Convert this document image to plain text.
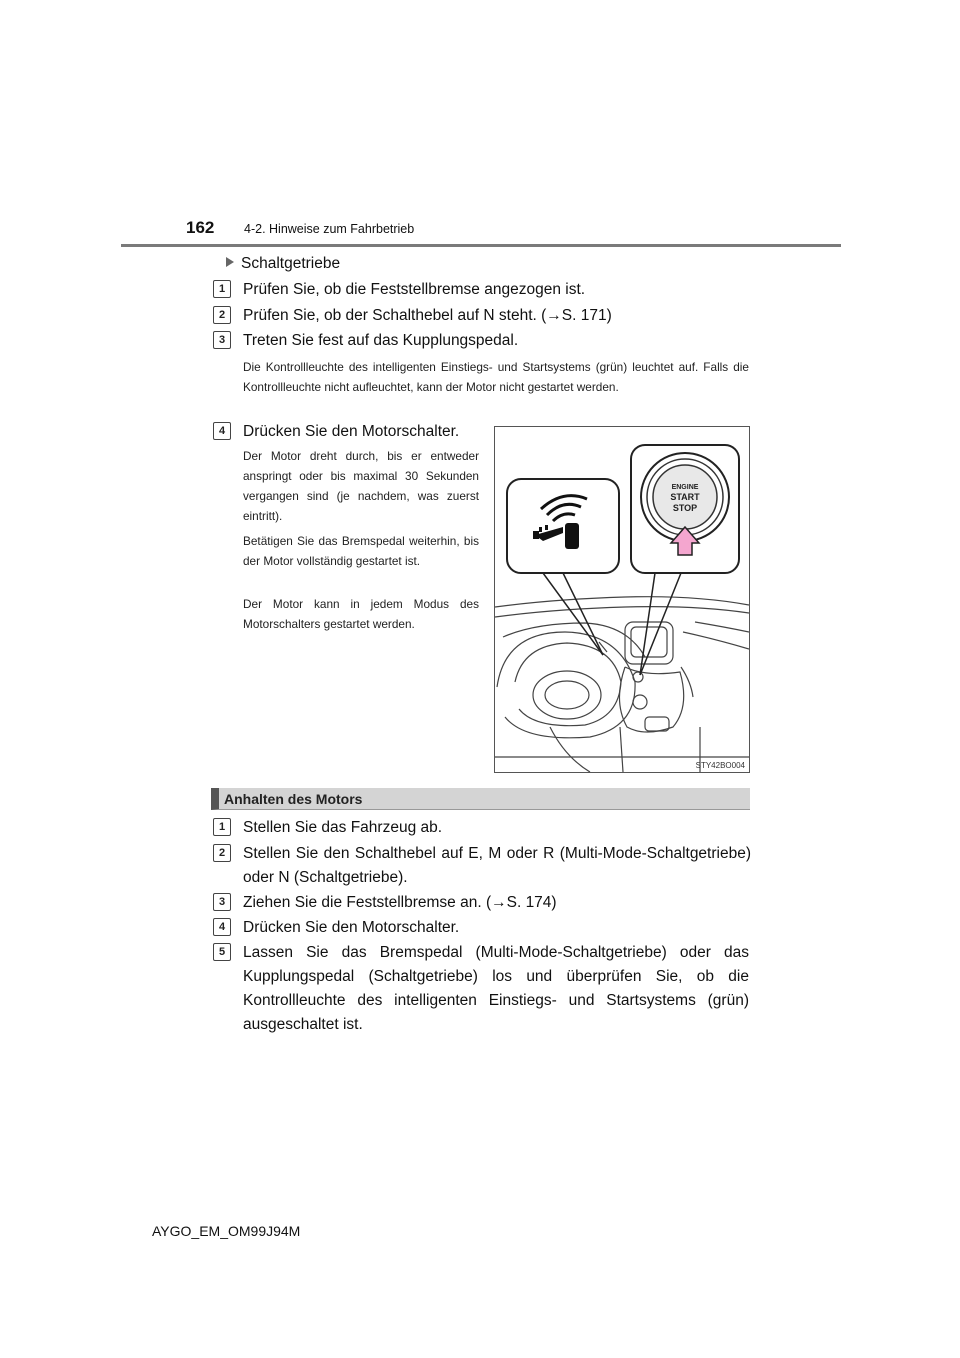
162 4-2. Hinweise zum Fahrbetrieb
Schaltgetriebe
1	Prüfen Sie, ob die Feststellbremse angezogen ist.
2	Prüfen Sie, ob der Schalthebel auf N steht. (→S. 171)
3	Treten Sie fest auf das Kupplungspedal.
Die Kontrollleuchte des intelligenten Einstiegs- und Startsystems (grün) leuchtet auf. Falls die Kontrollleuchte nicht aufleuchtet, kann der Motor nicht gestartet werden.
4	Drücken Sie den Motorschalter.
Der Motor dreht durch, bis er entweder anspringt oder bis maximal 30 Sekunden vergangen sind (je nachdem, was zuerst eintritt).
Betätigen Sie das Bremspedal weiterhin, bis der Motor vollständig gestartet ist.
Der Motor kann in jedem Modus des Motorschalters gestartet werden.
ENGINE
START
STOP
STY42BO004
Anhalten des Motors
1	Stellen Sie das Fahrzeug ab.
2	Stellen Sie den Schalthebel auf E, M oder R (Multi-Mode-Schaltgetriebe) oder N (Schaltgetriebe).
3	Ziehen Sie die Feststellbremse an. (→S. 174)
4	Drücken Sie den Motorschalter.
5	Lassen Sie das Bremspedal (Multi-Mode-Schaltgetriebe) oder das Kupplungspedal (Schaltgetriebe) los und überprüfen Sie, ob die Kontrollleuchte des intelligenten Einstiegs- und Startsystems (grün) ausgeschaltet ist.
AYGO_EM_OM99J94M
